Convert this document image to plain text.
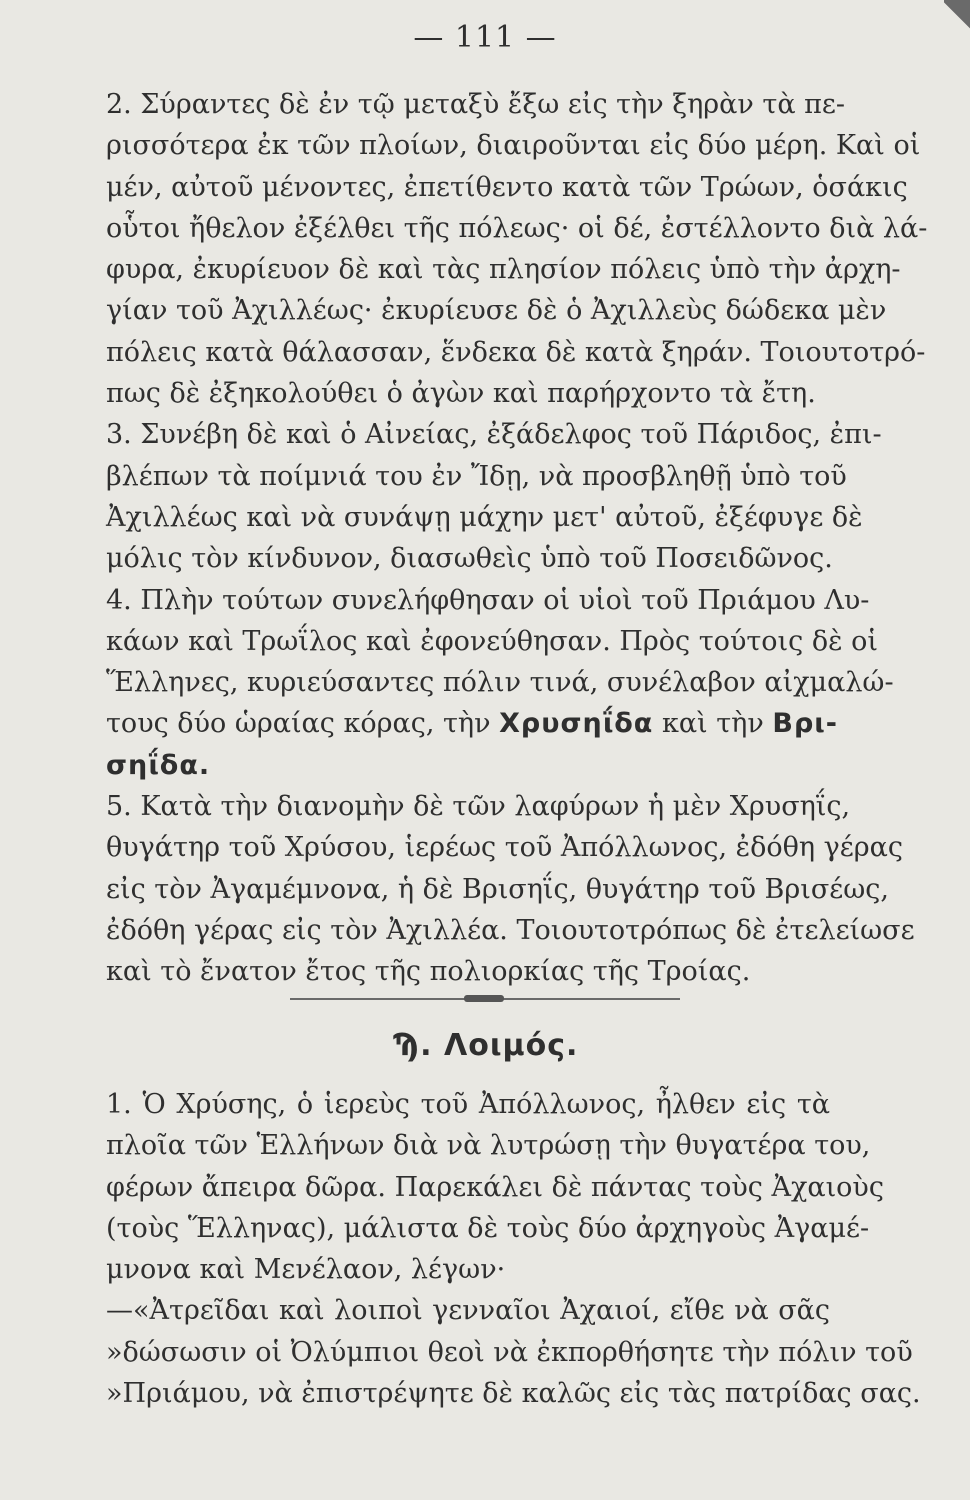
— 111 —
2. Σύραντες δὲ ἐν τῷ μεταξὺ ἔξω εἰς τὴν ξηρὰν τὰ πε-
ρισσότερα ἐκ τῶν πλοίων, διαιροῦνται εἰς δύο μέρη. Καὶ οἱ
μέν, αὐτοῦ μένοντες, ἐπετίθεντο κατὰ τῶν Τρώων, ὁσάκις
οὗτοι ἤθελον ἐξέλθει τῆς πόλεως· οἱ δέ, ἐστέλλοντο διὰ λά-
φυρα, ἐκυρίευον δὲ καὶ τὰς πλησίον πόλεις ὑπὸ τὴν ἀρχη-
γίαν τοῦ Ἀχιλλέως· ἐκυρίευσε δὲ ὁ Ἀχιλλεὺς δώδεκα μὲν
πόλεις κατὰ θάλασσαν, ἕνδεκα δὲ κατὰ ξηράν. Τοιουτοτρό-
πως δὲ ἐξηκολούθει ὁ ἀγὼν καὶ παρήρχοντο τὰ ἔτη.
3. Συνέβη δὲ καὶ ὁ Αἰνείας, ἐξάδελφος τοῦ Πάριδος, ἐπι-
βλέπων τὰ ποίμνιά του ἐν Ἴδῃ, νὰ προσβληθῇ ὑπὸ τοῦ
Ἀχιλλέως καὶ νὰ συνάψῃ μάχην μετ' αὐτοῦ, ἐξέφυγε δὲ
μόλις τὸν κίνδυνον, διασωθεὶς ὑπὸ τοῦ Ποσειδῶνος.
4. Πλὴν τούτων συνελήφθησαν οἱ υἱοὶ τοῦ Πριάμου Λυ-
κάων καὶ Τρωΐλος καὶ ἐφονεύθησαν. Πρὸς τούτοις δὲ οἱ
Ἕλληνες, κυριεύσαντες πόλιν τινά, συνέλαβον αἰχμαλώ-
τους δύο ὡραίας κόρας, τὴν Χρυσηΐδα καὶ τὴν Βρι-
σηΐδα.
5. Κατὰ τὴν διανομὴν δὲ τῶν λαφύρων ἡ μὲν Χρυσηΐς,
θυγάτηρ τοῦ Χρύσου, ἱερέως τοῦ Ἀπόλλωνος, ἐδόθη γέρας
εἰς τὸν Ἀγαμέμνονα, ἡ δὲ Βρισηΐς, θυγάτηρ τοῦ Βρισέως,
ἐδόθη γέρας εἰς τὸν Ἀχιλλέα. Τοιουτοτρόπως δὲ ἐτελείωσε
καὶ τὸ ἔνατον ἔτος τῆς πολιορκίας τῆς Τροίας.
Ϡ. Λοιμός.
1. Ὁ Χρύσης, ὁ ἱερεὺς τοῦ Ἀπόλλωνος, ἦλθεν εἰς τὰ
πλοῖα τῶν Ἑλλήνων διὰ νὰ λυτρώσῃ τὴν θυγατέρα του,
φέρων ἄπειρα δῶρα. Παρεκάλει δὲ πάντας τοὺς Ἀχαιοὺς
(τοὺς Ἕλληνας), μάλιστα δὲ τοὺς δύο ἀρχηγοὺς Ἀγαμέ-
μνονα καὶ Μενέλαον, λέγων·
—«Ἀτρεῖδαι καὶ λοιποὶ γενναῖοι Ἀχαιοί, εἴθε νὰ σᾶς
»δώσωσιν οἱ Ὀλύμπιοι θεοὶ νὰ ἐκπορθήσητε τὴν πόλιν τοῦ
»Πριάμου, νὰ ἐπιστρέψητε δὲ καλῶς εἰς τὰς πατρίδας σας.
